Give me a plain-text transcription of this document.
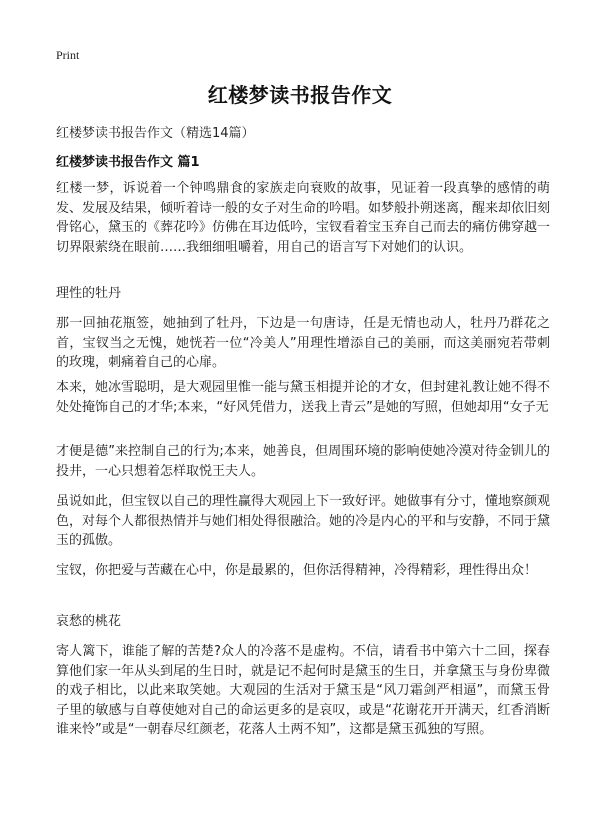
Print
红楼梦读书报告作文
红楼梦读书报告作文（精选14篇）
红楼梦读书报告作文 篇1
红楼一梦，诉说着一个钟鸣鼎食的家族走向衰败的故事，见证着一段真挚的感情的萌发、发展及结果，倾听着诗一般的女子对生命的吟唱。如梦般扑朔迷离，醒来却依旧刻骨铭心，黛玉的《葬花吟》仿佛在耳边低吟，宝钗看着宝玉弃自己而去的痛仿佛穿越一切界限萦绕在眼前……我细细咀嚼着，用自己的语言写下对她们的认识。
理性的牡丹
那一回抽花瓶签，她抽到了牡丹，下边是一句唐诗，任是无情也动人，牡丹乃群花之首，宝钗当之无愧，她恍若一位“冷美人”用理性增添自己的美丽，而这美丽宛若带刺的玫瑰，刺痛着自己的心扉。
本来，她冰雪聪明，是大观园里惟一能与黛玉相提并论的才女，但封建礼教让她不得不处处掩饰自己的才华;本来，“好风凭借力，送我上青云”是她的写照，但她却用“女子无
才便是德”来控制自己的行为;本来，她善良，但周围环境的影响使她冷漠对待金钏儿的投井，一心只想着怎样取悦王夫人。
虽说如此，但宝钗以自己的理性赢得大观园上下一致好评。她做事有分寸，懂地察颜观色，对每个人都很热情并与她们相处得很融洽。她的冷是内心的平和与安静，不同于黛玉的孤傲。
宝钗，你把爱与苦藏在心中，你是最累的，但你活得精神，冷得精彩，理性得出众！
哀愁的桃花
寄人篱下，谁能了解的苦楚?众人的冷落不是虚构。不信，请看书中第六十二回，探春算他们家一年从头到尾的生日时，就是记不起何时是黛玉的生日，并拿黛玉与身份卑微的戏子相比，以此来取笑她。大观园的生活对于黛玉是“风刀霜剑严相逼”，而黛玉骨子里的敏感与自尊使她对自己的命运更多的是哀叹，或是“花谢花开开满天，红香消断谁来怜”或是“一朝春尽红颜老，花落人土两不知”，这都是黛玉孤独的写照。
